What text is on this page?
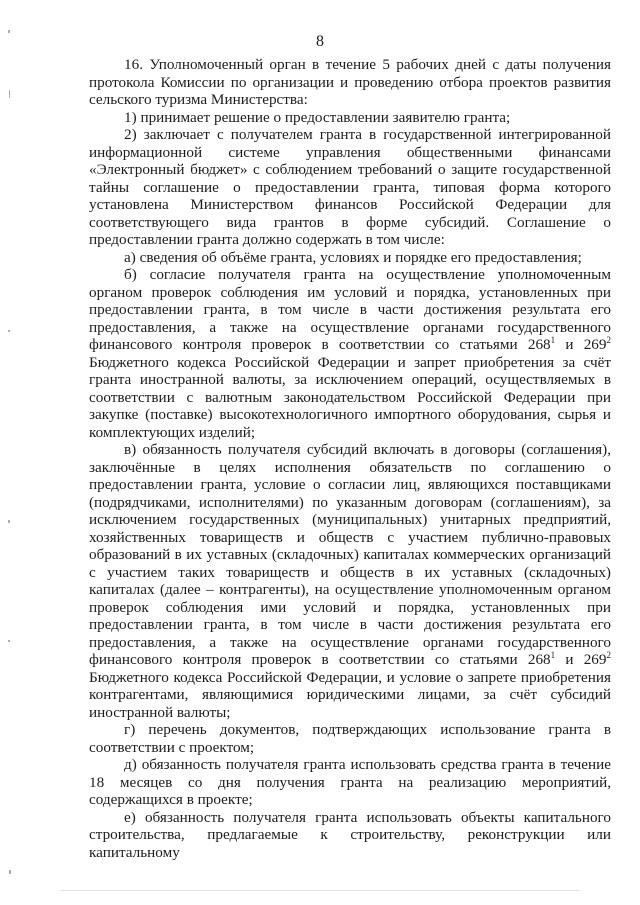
8

16. Уполномоченный орган в течение 5 рабочих дней с даты получения протокола Комиссии по организации и проведению отбора проектов развития сельского туризма Министерства:

1) принимает решение о предоставлении заявителю гранта;

2) заключает с получателем гранта в государственной интегрированной информационной системе управления общественными финансами «Электронный бюджет» с соблюдением требований о защите государственной тайны соглашение о предоставлении гранта, типовая форма которого установлена Министерством финансов Российской Федерации для соответствующего вида грантов в форме субсидий. Соглашение о предоставлении гранта должно содержать в том числе:

а) сведения об объёме гранта, условиях и порядке его предоставления;

б) согласие получателя гранта на осуществление уполномоченным органом проверок соблюдения им условий и порядка, установленных при предоставлении гранта, в том числе в части достижения результата его предоставления, а также на осуществление органами государственного финансового контроля проверок в соответствии со статьями $268^1$ и $269^2$ Бюджетного кодекса Российской Федерации и запрет приобретения за счёт гранта иностранной валюты, за исключением операций, осуществляемых в соответствии с валютным законодательством Российской Федерации при закупке (поставке) высокотехнологичного импортного оборудования, сырья и комплектующих изделий;

в) обязанность получателя субсидий включать в договоры (соглашения), заключённые в целях исполнения обязательств по соглашению о предоставлении гранта, условие о согласии лиц, являющихся поставщиками (подрядчиками, исполнителями) по указанным договорам (соглашениям), за исключением государственных (муниципальных) унитарных предприятий, хозяйственных товариществ и обществ с участием публично-правовых образований в их уставных (складочных) капиталах коммерческих организаций с участием таких товариществ и обществ в их уставных (складочных) капиталах (далее – контрагенты), на осуществление уполномоченным органом проверок соблюдения ими условий и порядка, установленных при предоставлении гранта, в том числе в части достижения результата его предоставления, а также на осуществление органами государственного финансового контроля проверок в соответствии со статьями $268^1$ и $269^2$ Бюджетного кодекса Российской Федерации, и условие о запрете приобретения контрагентами, являющимися юридическими лицами, за счёт субсидий иностранной валюты;

г) перечень документов, подтверждающих использование гранта в соответствии с проектом;

д) обязанность получателя гранта использовать средства гранта в течение 18 месяцев со дня получения гранта на реализацию мероприятий, содержащихся в проекте;

е) обязанность получателя гранта использовать объекты капитального строительства, предлагаемые к строительству, реконструкции или капитальному
